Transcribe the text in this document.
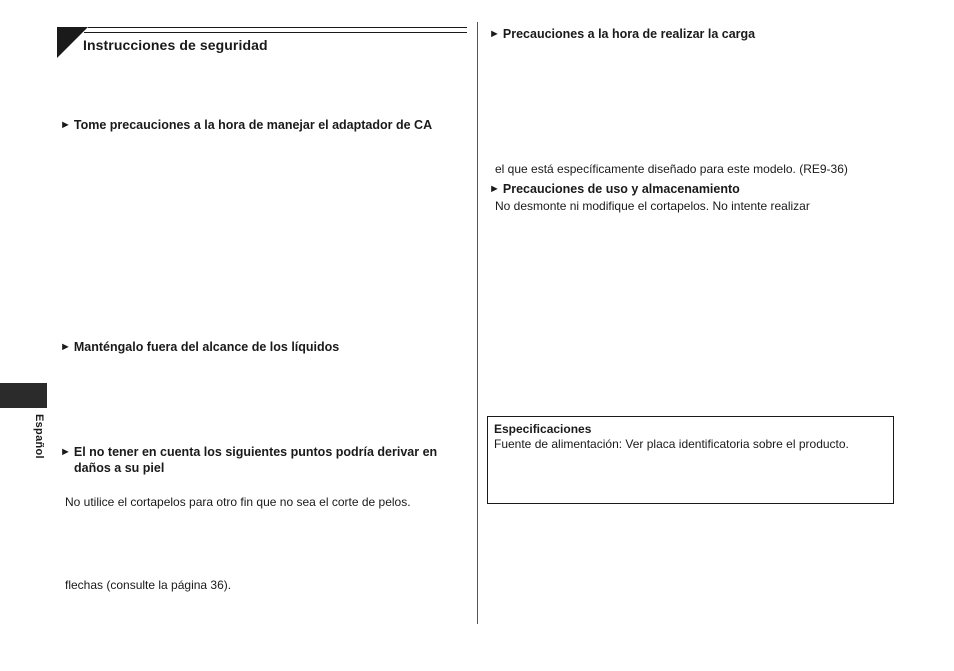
Instrucciones de seguridad
► Tome precauciones a la hora de manejar el adaptador de CA
► Manténgalo fuera del alcance de los líquidos
► El no tener en cuenta los siguientes puntos podría derivar en
daños a su piel
No utilice el cortapelos para otro fin que no sea el corte de pelos.
flechas (consulte la página 36).
► Precauciones a la hora de realizar la carga
el que está específicamente diseñado para este modelo. (RE9-36)
► Precauciones de uso y almacenamiento
No desmonte ni modifique el cortapelos. No intente realizar
Especificaciones
Fuente de alimentación: Ver placa identificatoria sobre el producto.
Español
